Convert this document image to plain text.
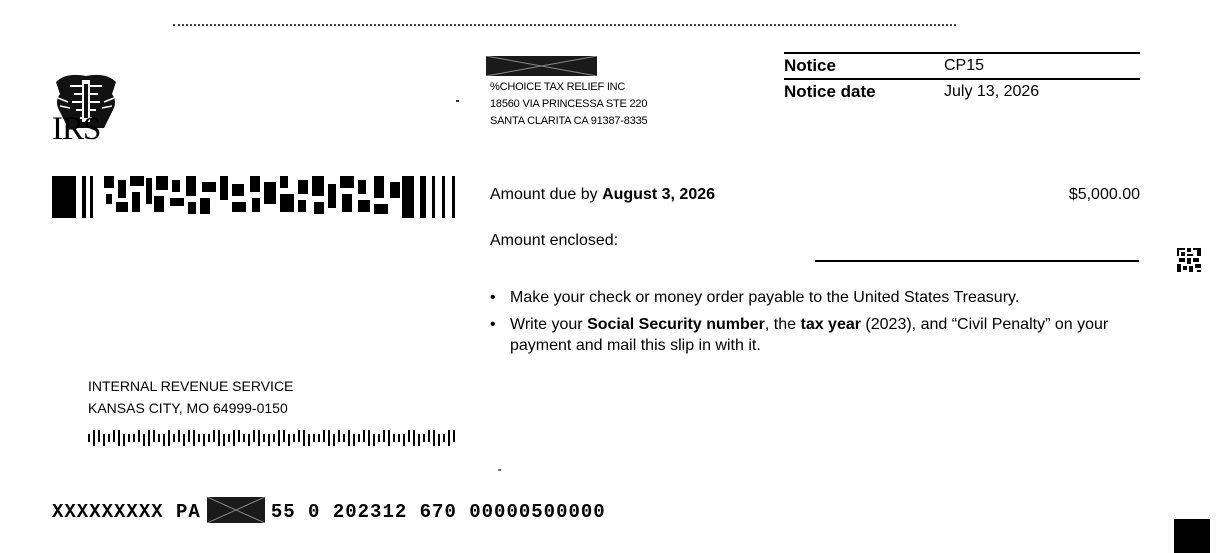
IRS
%CHOICE TAX RELIEF INC
18560 VIA PRINCESSA STE 220
SANTA CLARITA CA 91387-8335
Notice	CP15
Notice date	July 13, 2026
Amount due by August 3, 2026	$5,000.00
Amount enclosed:
• Make your check or money order payable to the United States Treasury.
• Write your Social Security number, the tax year (2023), and “Civil Penalty” on your payment and mail this slip in with it.
INTERNAL REVENUE SERVICE
KANSAS CITY, MO 64999-0150
XXXXXXXXX PA	55 0 202312 670 00000500000
